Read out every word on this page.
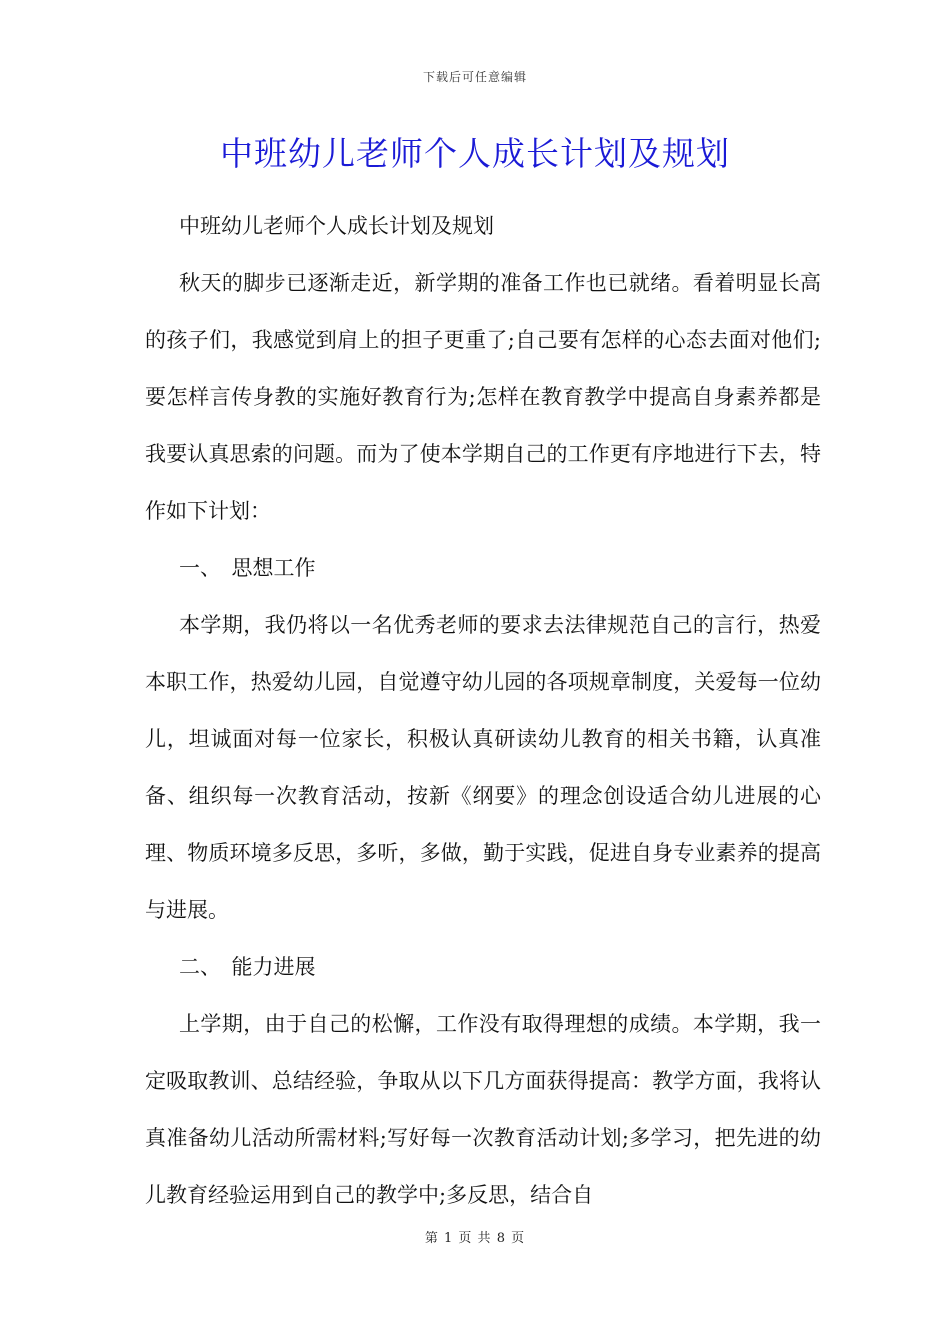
下载后可任意编辑
中班幼儿老师个人成长计划及规划

中班幼儿老师个人成长计划及规划

秋天的脚步已逐渐走近，新学期的准备工作也已就绪。看着明显长高的孩子们，我感觉到肩上的担子更重了;自己要有怎样的心态去面对他们;要怎样言传身教的实施好教育行为;怎样在教育教学中提高自身素养都是我要认真思索的问题。而为了使本学期自己的工作更有序地进行下去，特作如下计划：

一、　思想工作

本学期，我仍将以一名优秀老师的要求去法律规范自己的言行，热爱本职工作，热爱幼儿园，自觉遵守幼儿园的各项规章制度，关爱每一位幼儿，坦诚面对每一位家长，积极认真研读幼儿教育的相关书籍，认真准备、组织每一次教育活动，按新《纲要》的理念创设适合幼儿进展的心理、物质环境多反思，多听，多做，勤于实践，促进自身专业素养的提高与进展。

二、　能力进展

上学期，由于自己的松懈，工作没有取得理想的成绩。本学期，我一定吸取教训、总结经验，争取从以下几方面获得提高：教学方面，我将认真准备幼儿活动所需材料;写好每一次教育活动计划;多学习，把先进的幼儿教育经验运用到自己的教学中;多反思，结合自

第 1 页 共 8 页
